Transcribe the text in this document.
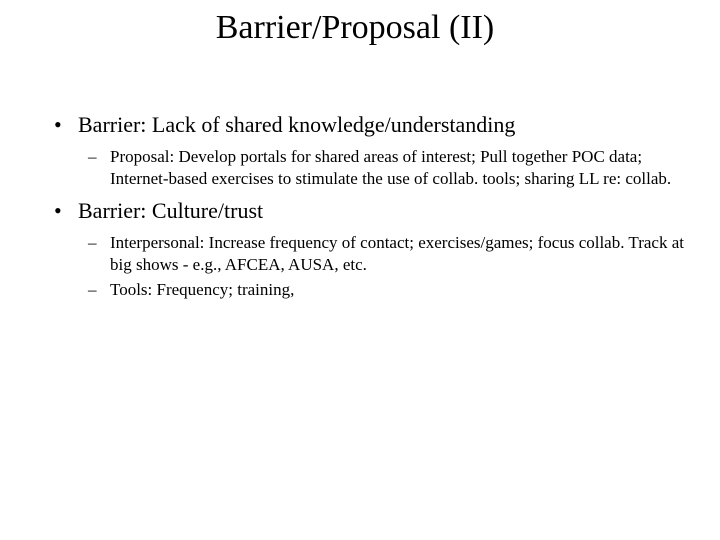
Barrier/Proposal (II)
• Barrier: Lack of shared knowledge/understanding
– Proposal: Develop portals for shared areas of interest; Pull together POC data; Internet-based exercises to stimulate the use of collab. tools; sharing LL re: collab.
• Barrier: Culture/trust
– Interpersonal: Increase frequency of contact; exercises/games; focus collab. Track at big shows - e.g., AFCEA, AUSA, etc.
– Tools: Frequency; training,
